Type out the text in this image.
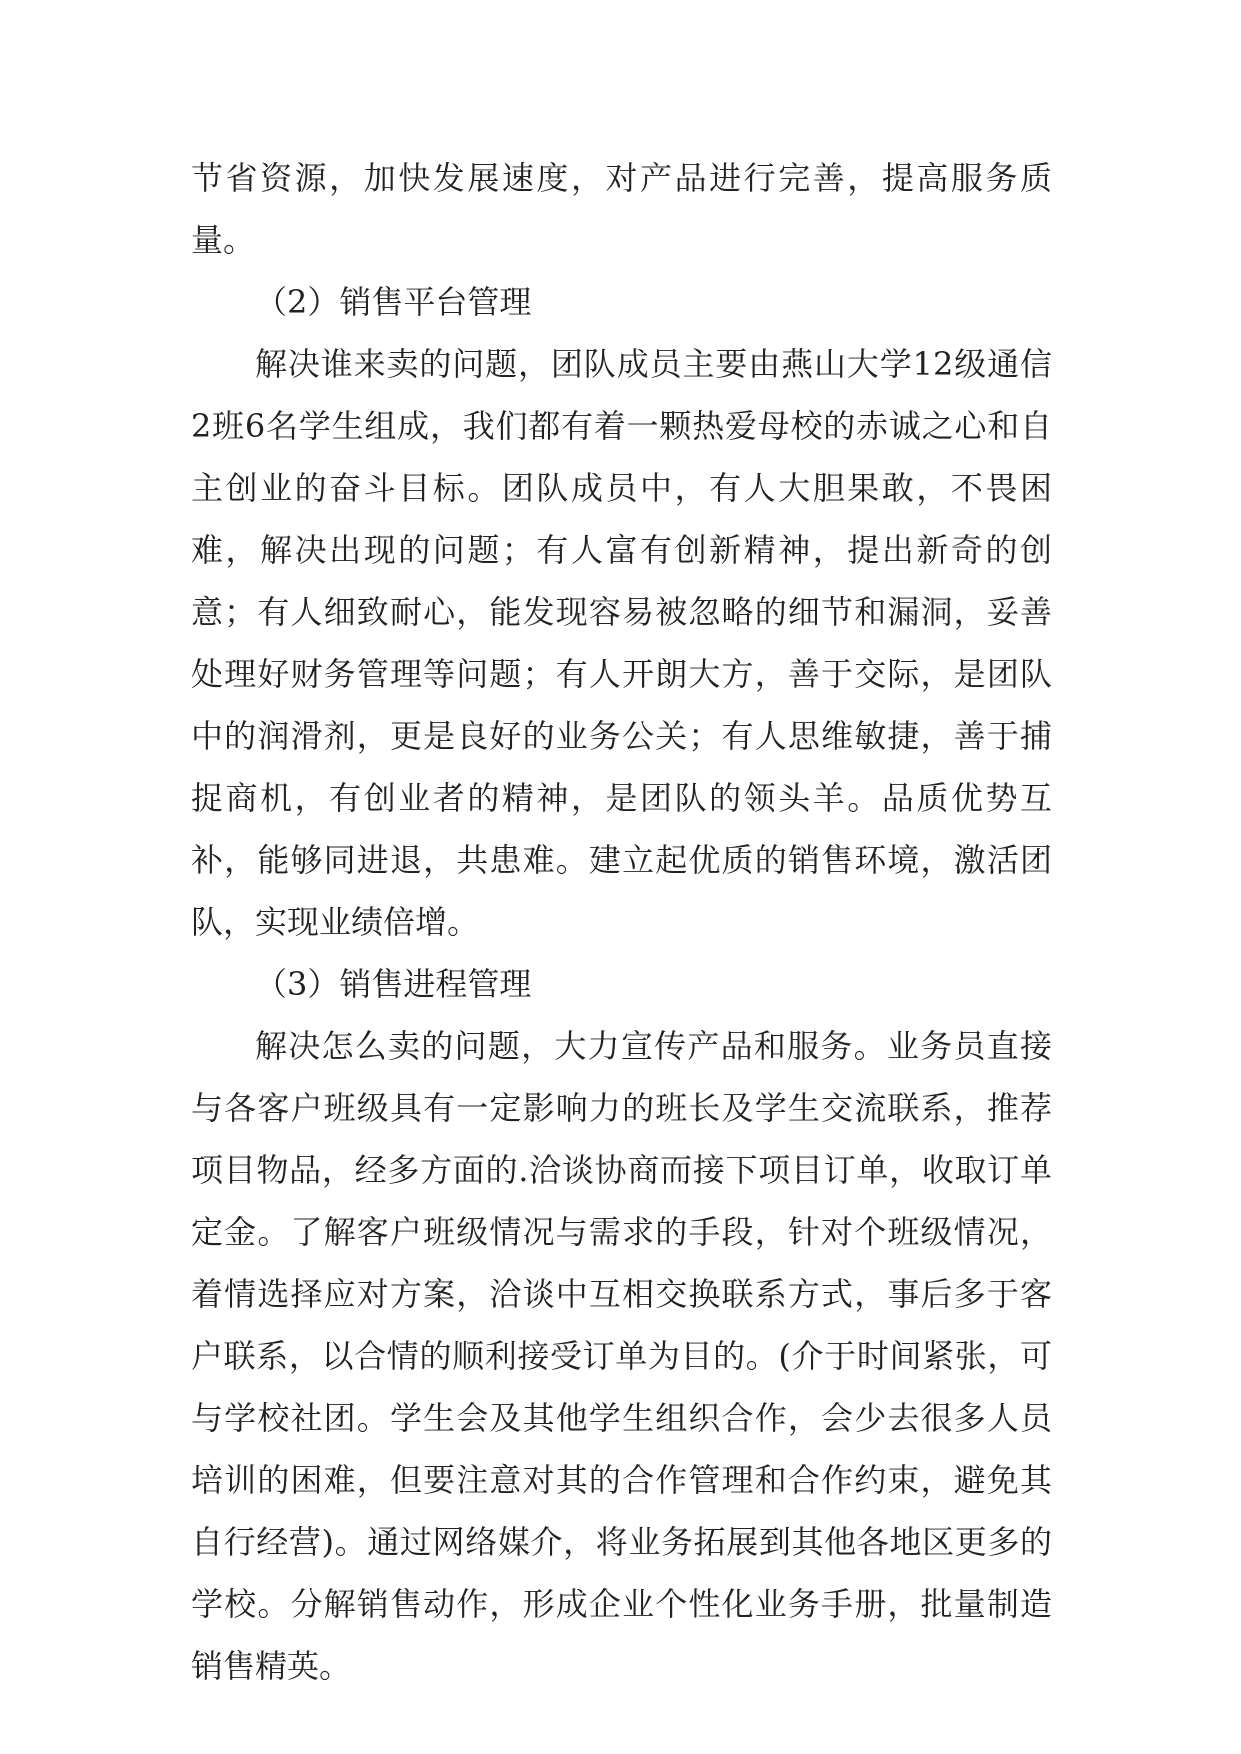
节省资源，加快发展速度，对产品进行完善，提高服务质量。

（2）销售平台管理

解决谁来卖的问题，团队成员主要由燕山大学12级通信2班6名学生组成，我们都有着一颗热爱母校的赤诚之心和自主创业的奋斗目标。团队成员中，有人大胆果敢，不畏困难，解决出现的问题；有人富有创新精神，提出新奇的创意；有人细致耐心，能发现容易被忽略的细节和漏洞，妥善处理好财务管理等问题；有人开朗大方，善于交际，是团队中的润滑剂，更是良好的业务公关；有人思维敏捷，善于捕捉商机，有创业者的精神，是团队的领头羊。品质优势互补，能够同进退，共患难。建立起优质的销售环境，激活团队，实现业绩倍增。

（3）销售进程管理

解决怎么卖的问题，大力宣传产品和服务。业务员直接与各客户班级具有一定影响力的班长及学生交流联系，推荐项目物品，经多方面的.洽谈协商而接下项目订单，收取订单定金。了解客户班级情况与需求的手段，针对个班级情况，着情选择应对方案，洽谈中互相交换联系方式，事后多于客户联系，以合情的顺利接受订单为目的。(介于时间紧张，可与学校社团。学生会及其他学生组织合作，会少去很多人员培训的困难，但要注意对其的合作管理和合作约束，避免其自行经营)。通过网络媒介，将业务拓展到其他各地区更多的学校。分解销售动作，形成企业个性化业务手册，批量制造销售精英。
